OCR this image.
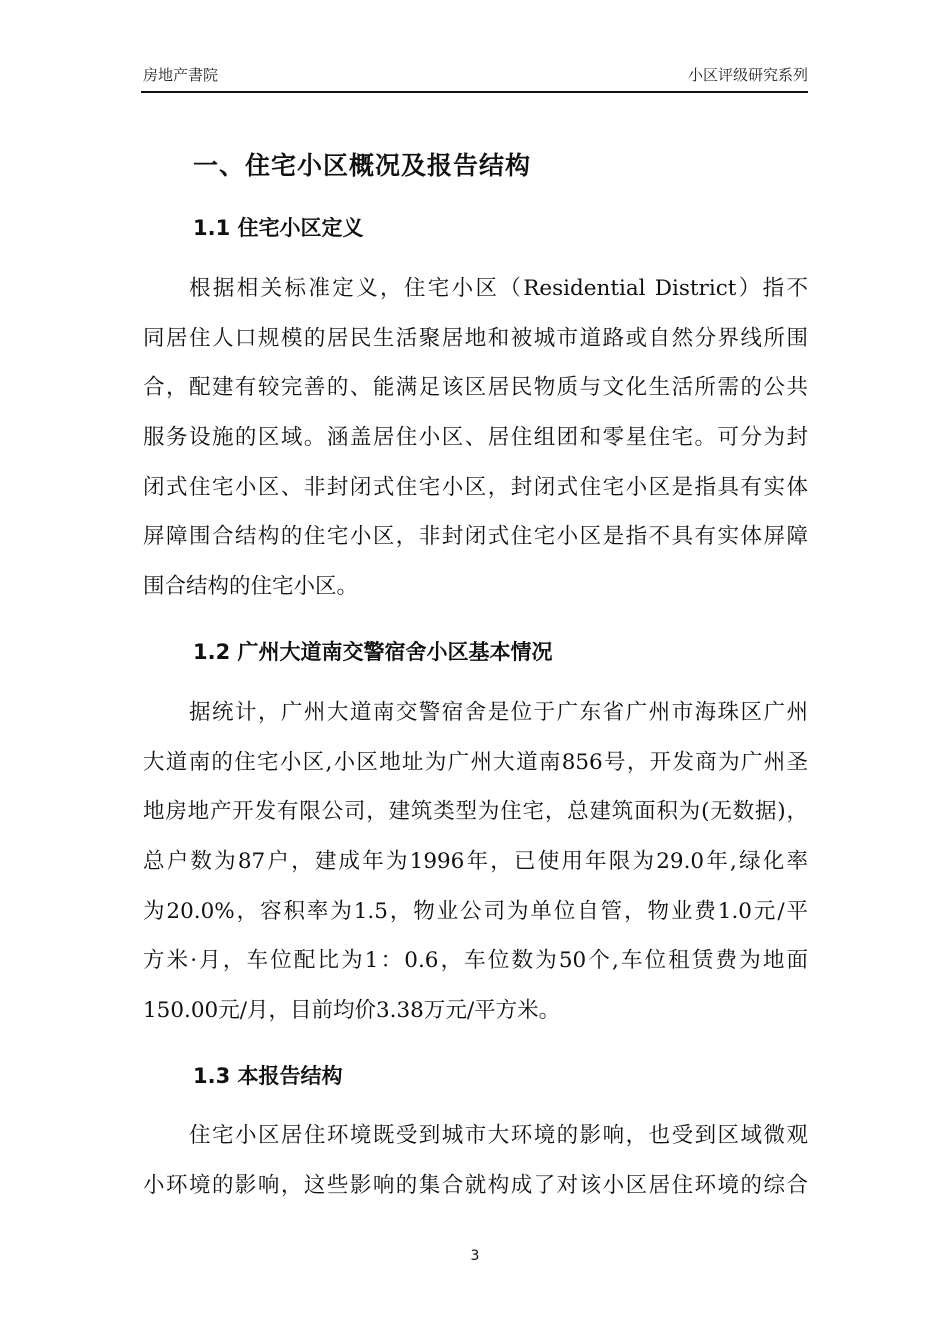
房地产書院	小区评级研究系列
一、住宅小区概况及报告结构
1.1 住宅小区定义
根据相关标准定义，住宅小区（Residential District）指不
同居住人口规模的居民生活聚居地和被城市道路或自然分界线所围
合，配建有较完善的、能满足该区居民物质与文化生活所需的公共
服务设施的区域。涵盖居住小区、居住组团和零星住宅。可分为封
闭式住宅小区、非封闭式住宅小区，封闭式住宅小区是指具有实体
屏障围合结构的住宅小区，非封闭式住宅小区是指不具有实体屏障
围合结构的住宅小区。
1.2 广州大道南交警宿舍小区基本情况
据统计，广州大道南交警宿舍是位于广东省广州市海珠区广州
大道南的住宅小区,小区地址为广州大道南856号，开发商为广州圣
地房地产开发有限公司，建筑类型为住宅，总建筑面积为(无数据)，
总户数为87户，建成年为1996年，已使用年限为29.0年,绿化率
为20.0%，容积率为1.5，物业公司为单位自管，物业费1.0元/平
方米·月，车位配比为1：0.6，车位数为50个,车位租赁费为地面
150.00元/月，目前均价3.38万元/平方米。
1.3 本报告结构
住宅小区居住环境既受到城市大环境的影响，也受到区域微观
小环境的影响，这些影响的集合就构成了对该小区居住环境的综合
3
